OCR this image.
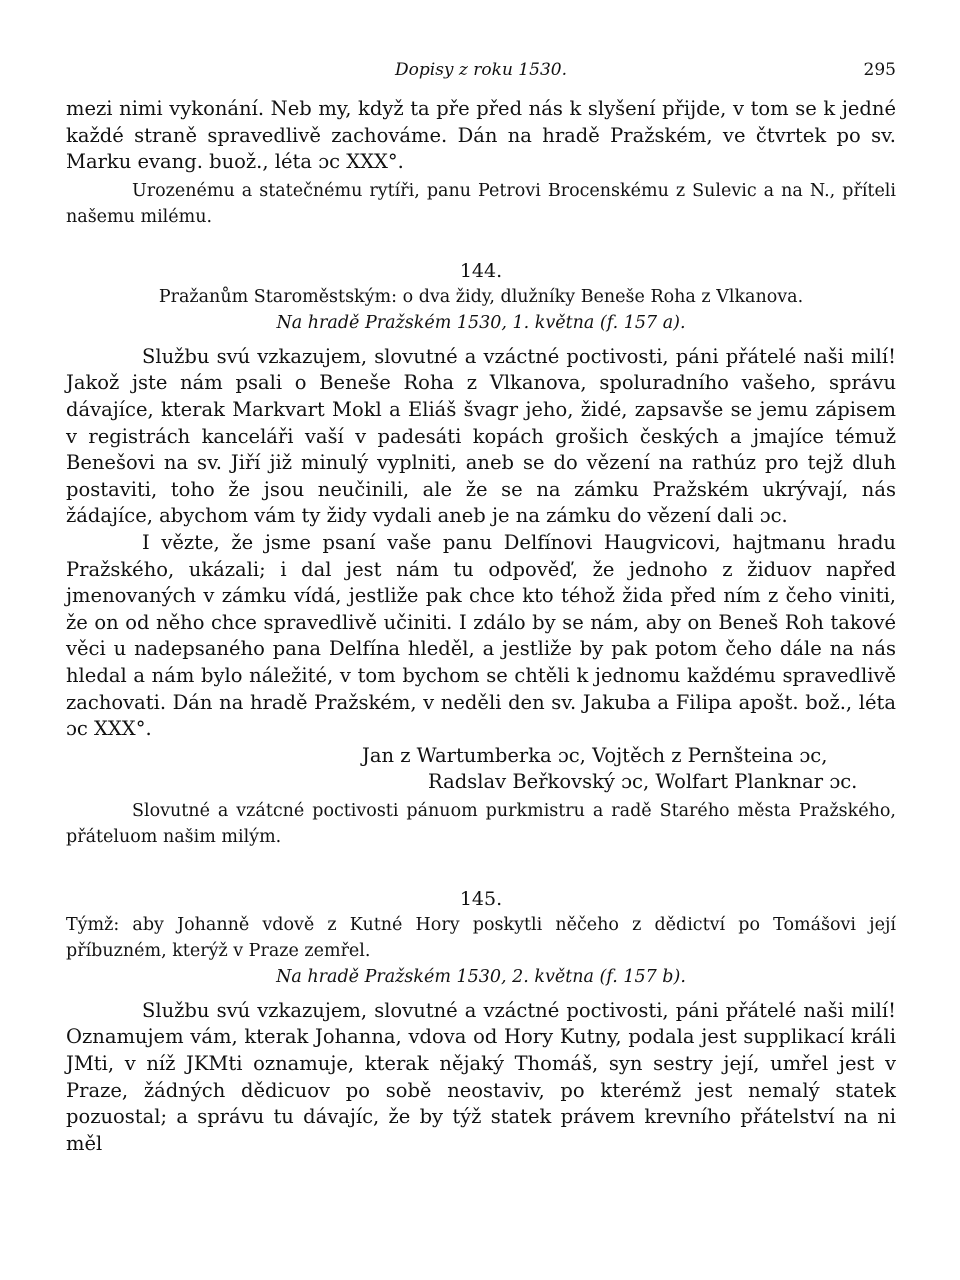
Dopisy z roku 1530.	295

mezi nimi vykonání. Neb my, když ta pře před nás k slyšení přijde, v tom se k jedné každé straně spravedlivě zachováme. Dán na hradě Pražském, ve čtvrtek po sv. Marku evang. buož., léta ɔc XXX°.

Urozenému a statečnému rytíři, panu Petrovi Brocenskému z Sulevic a na N., příteli našemu milému.

144.
Pražanům Staroměstským: o dva židy, dlužníky Beneše Roha z Vlkanova.
Na hradě Pražském 1530, 1. května (f. 157 a).

Službu svú vzkazujem, slovutné a vzáctné poctivosti, páni přátelé naši milí! Jakož jste nám psali o Beneše Roha z Vlkanova, spoluradního vašeho, správu dávajíce, kterak Markvart Mokl a Eliáš švagr jeho, židé, zapsavše se jemu zápisem v registrách kanceláři vaší v padesáti kopách grošich českých a jmajíce témuž Benešovi na sv. Jiří již minulý vyplniti, aneb se do vězení na rathúz pro tejž dluh postaviti, toho že jsou neučinili, ale že se na zámku Pražském ukrývají, nás žádajíce, abychom vám ty židy vydali aneb je na zámku do vězení dali ɔc.

I vězte, že jsme psaní vaše panu Delfínovi Haugvicovi, hajtmanu hradu Pražského, ukázali; i dal jest nám tu odpověď, že jednoho z židuov napřed jmenovaných v zámku vídá, jestliže pak chce kto téhož žida před ním z čeho viniti, že on od něho chce spravedlivě učiniti. I zdálo by se nám, aby on Beneš Roh takové věci u nadepsaného pana Delfína hleděl, a jestliže by pak potom čeho dále na nás hledal a nám bylo náležité, v tom bychom se chtěli k jednomu každému spravedlivě zachovati. Dán na hradě Pražském, v neděli den sv. Jakuba a Filipa apošt. bož., léta ɔc XXX°.

Jan z Wartumberka ɔc, Vojtěch z Pernšteina ɔc,
Radslav Beřkovský ɔc, Wolfart Planknar ɔc.

Slovutné a vzátcné poctivosti pánuom purkmistru a radě Starého města Pražského, přáteluom našim milým.

145.
Týmž: aby Johanně vdově z Kutné Hory poskytli něčeho z dědictví po Tomášovi její příbuzném, kterýž v Praze zemřel.
Na hradě Pražském 1530, 2. května (f. 157 b).

Službu svú vzkazujem, slovutné a vzáctné poctivosti, páni přátelé naši milí! Oznamujem vám, kterak Johanna, vdova od Hory Kutny, podala jest supplikací králi JMti, v níž JKMti oznamuje, kterak nějaký Thomáš, syn sestry její, umřel jest v Praze, žádných dědicuov po sobě neostaviv, po kterémž jest nemalý statek pozuostal; a správu tu dávajíc, že by týž statek právem krevního přátelství na ni měl
